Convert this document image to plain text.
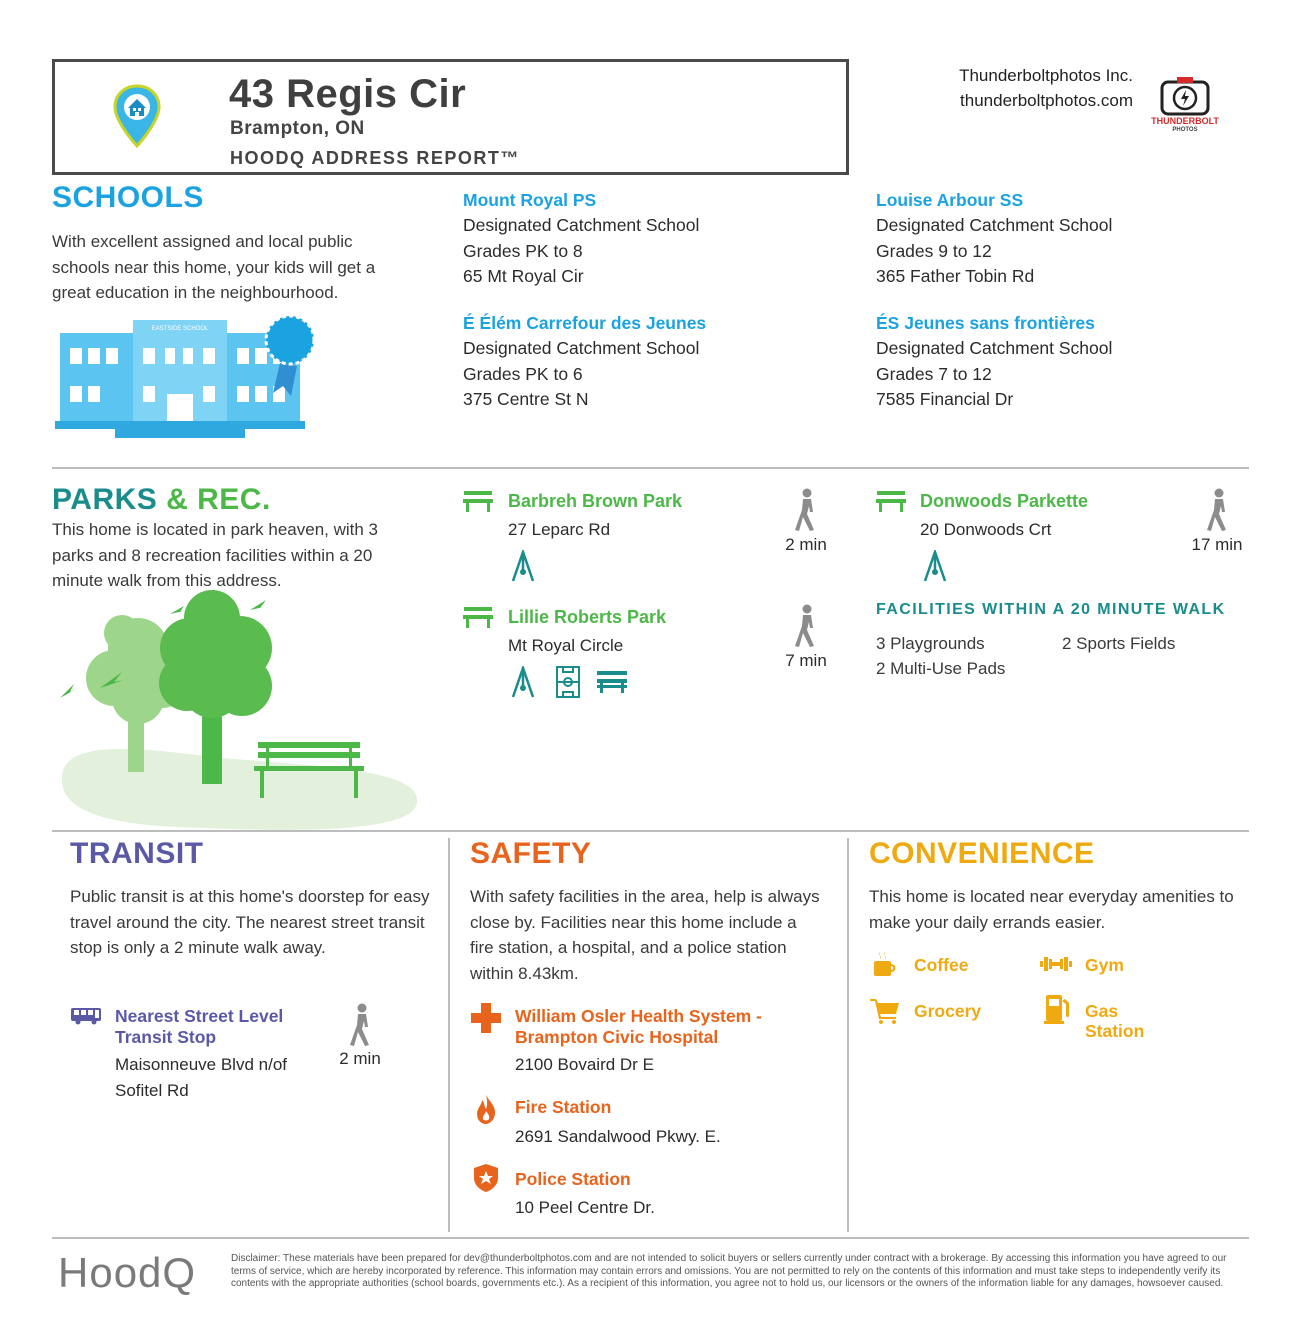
43 Regis Cir
Brampton, ON
HOODQ ADDRESS REPORT™
Thunderboltphotos Inc.
thunderboltphotos.com
THUNDERBOLT
PHOTOS
SCHOOLS
With excellent assigned and local public schools near this home, your kids will get a great education in the neighbourhood.
EASTSIDE SCHOOL
Mount Royal PS
Designated Catchment School
Grades PK to 8
65 Mt Royal Cir
Louise Arbour SS
Designated Catchment School
Grades 9 to 12
365 Father Tobin Rd
É Élém Carrefour des Jeunes
Designated Catchment School
Grades PK to 6
375 Centre St N
ÉS Jeunes sans frontières
Designated Catchment School
Grades 7 to 12
7585 Financial Dr
PARKS & REC.
This home is located in park heaven, with 3 parks and 8 recreation facilities within a 20 minute walk from this address.
Barbreh Brown Park
27 Leparc Rd
2 min
Donwoods Parkette
20 Donwoods Crt
17 min
Lillie Roberts Park
Mt Royal Circle
7 min
FACILITIES WITHIN A 20 MINUTE WALK
3 Playgrounds	2 Sports Fields
2 Multi-Use Pads
TRANSIT
Public transit is at this home's doorstep for easy travel around the city. The nearest street transit stop is only a 2 minute walk away.
Nearest Street Level
Transit Stop
Maisonneuve Blvd n/of
Sofitel Rd
2 min
SAFETY
With safety facilities in the area, help is always close by. Facilities near this home include a fire station, a hospital, and a police station within 8.43km.
William Osler Health System -
Brampton Civic Hospital
2100 Bovaird Dr E
Fire Station
2691 Sandalwood Pkwy. E.
Police Station
10 Peel Centre Dr.
CONVENIENCE
This home is located near everyday amenities to make your daily errands easier.
Coffee	Gym
Grocery	Gas
Station
HoodQ	Disclaimer: These materials have been prepared for dev@thunderboltphotos.com and are not intended to solicit buyers or sellers currently under contract with a brokerage. By accessing this information you have agreed to our terms of service, which are hereby incorporated by reference. This information may contain errors and omissions. You are not permitted to rely on the contents of this information and must take steps to independently verify its contents with the appropriate authorities (school boards, governments etc.). As a recipient of this information, you agree not to hold us, our licensors or the owners of the information liable for any damages, howsoever caused.
